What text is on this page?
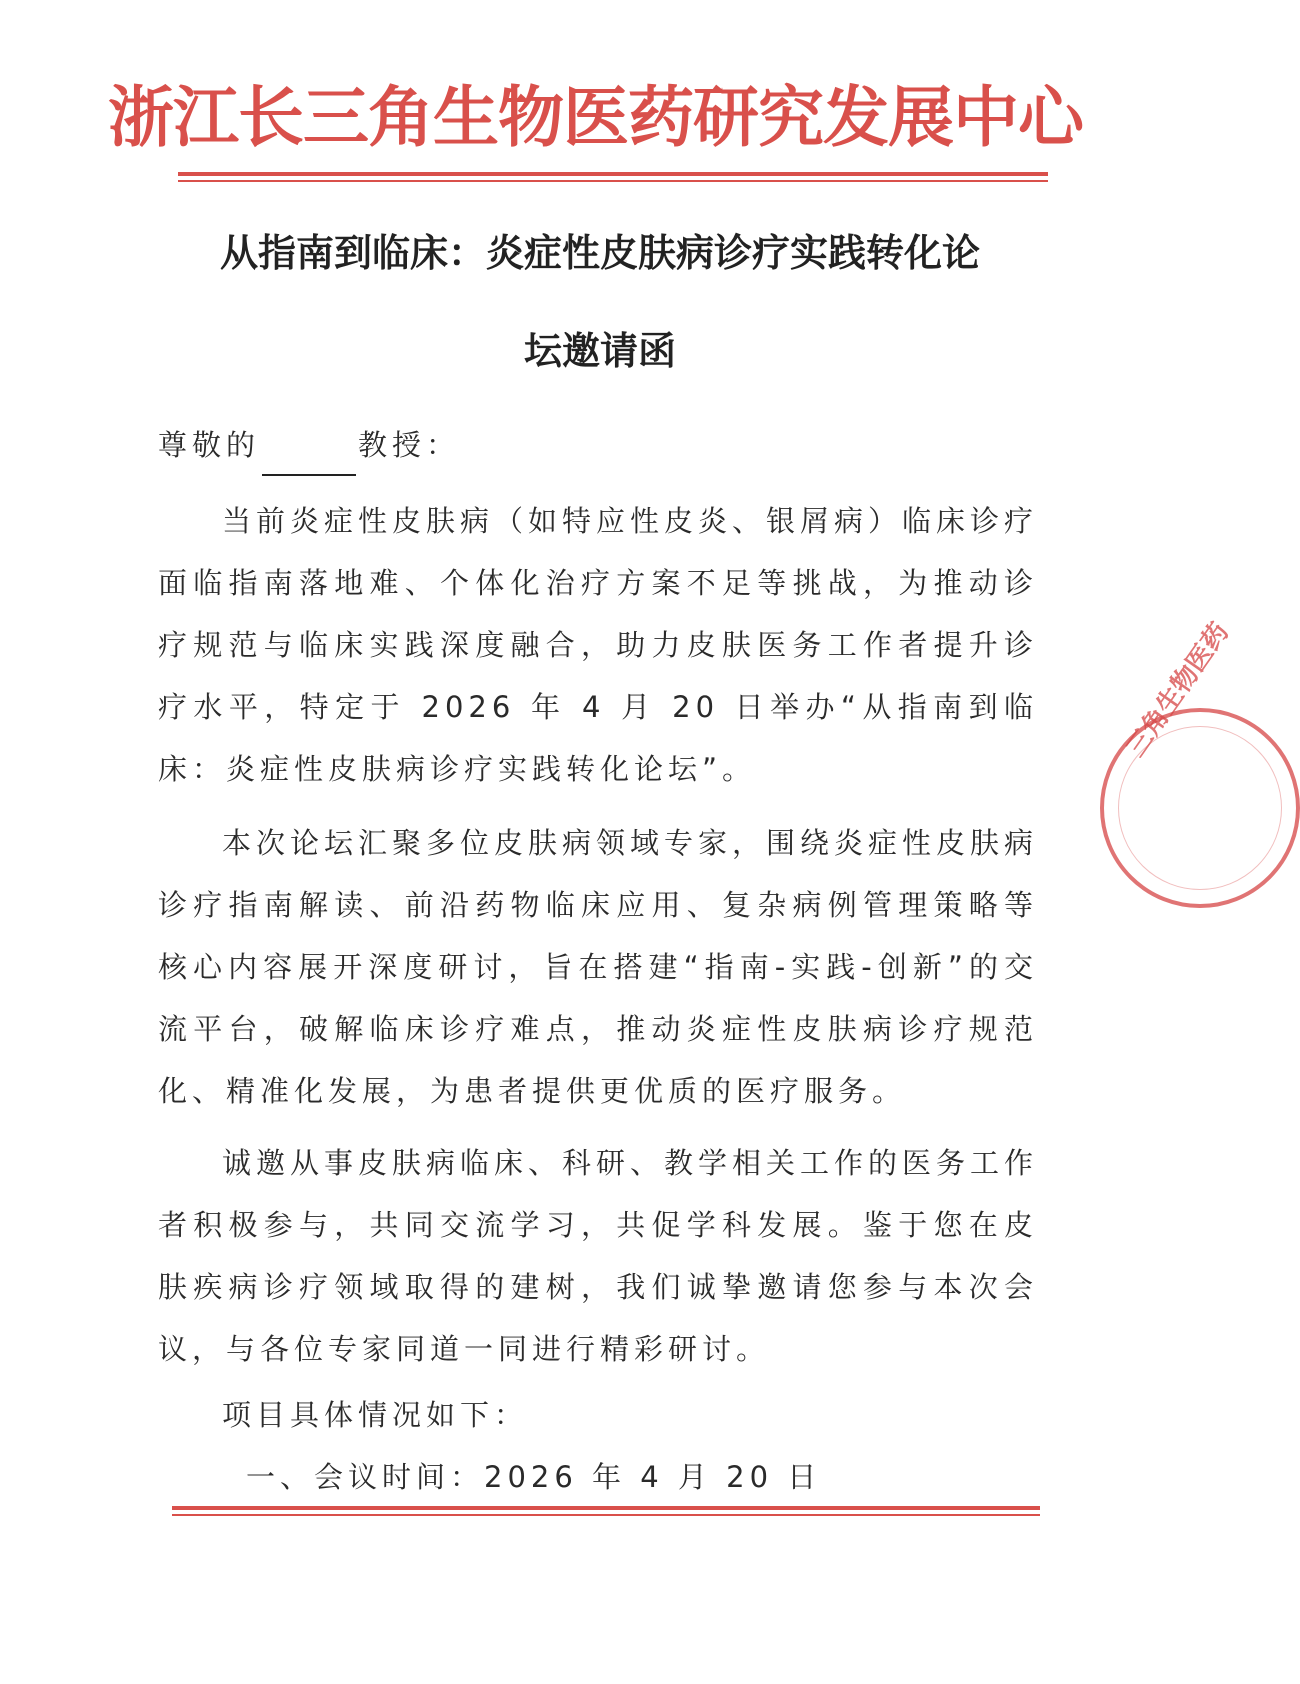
浙江长三角生物医药研究发展中心
从指南到临床：炎症性皮肤病诊疗实践转化论
坛邀请函
尊敬的	教授：
当前炎症性皮肤病（如特应性皮炎、银屑病）临床诊疗面临指南落地难、个体化治疗方案不足等挑战，为推动诊疗规范与临床实践深度融合，助力皮肤医务工作者提升诊疗水平，特定于 2026 年 4 月 20 日举办“从指南到临床：炎症性皮肤病诊疗实践转化论坛”。
本次论坛汇聚多位皮肤病领域专家，围绕炎症性皮肤病诊疗指南解读、前沿药物临床应用、复杂病例管理策略等核心内容展开深度研讨，旨在搭建“指南-实践-创新”的交流平台，破解临床诊疗难点，推动炎症性皮肤病诊疗规范化、精准化发展，为患者提供更优质的医疗服务。
诚邀从事皮肤病临床、科研、教学相关工作的医务工作者积极参与，共同交流学习，共促学科发展。鉴于您在皮肤疾病诊疗领域取得的建树，我们诚挚邀请您参与本次会议，与各位专家同道一同进行精彩研讨。
项目具体情况如下：
一、会议时间：2026 年 4 月 20 日
三角生物医药
